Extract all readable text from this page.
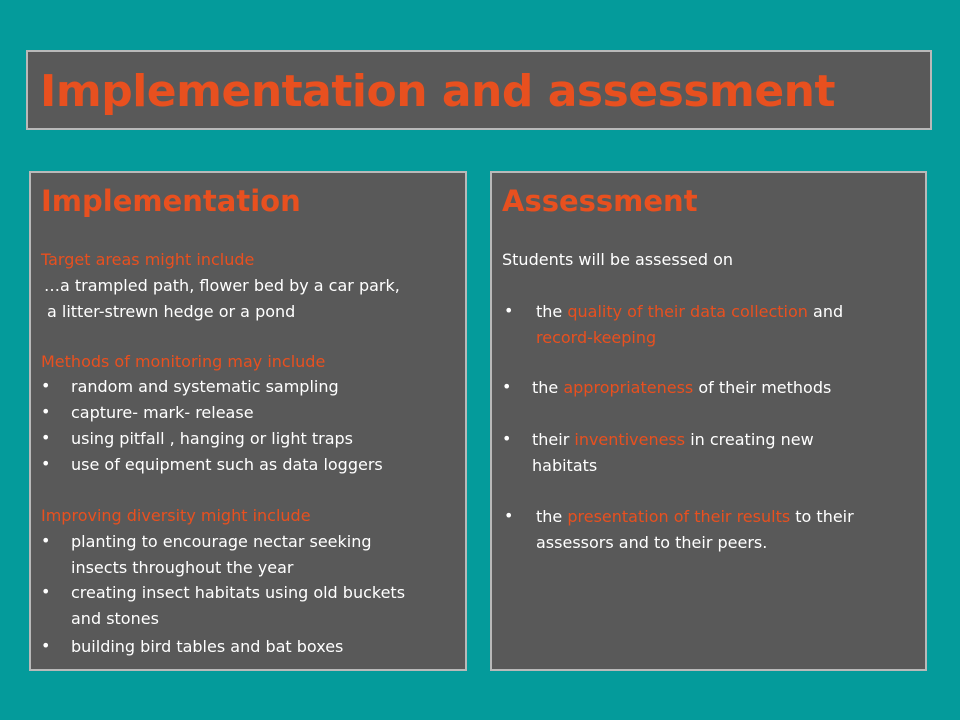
Implementation and assessment
Implementation
Target areas might include
…a trampled path, flower bed by a car park,
a litter-strewn hedge or a pond
Methods of monitoring may include
• random and systematic sampling
• capture- mark- release
• using pitfall , hanging or light traps
• use of equipment such as data loggers
Improving diversity might include
• planting to encourage nectar seeking
insects throughout the year
• creating insect habitats using old buckets
and stones
• building bird tables and bat boxes
Assessment
Students will be assessed on
• the quality of their data collection and
record-keeping
• the appropriateness of their methods
• their inventiveness in creating new
habitats
• the presentation of their results to their
assessors and to their peers.
